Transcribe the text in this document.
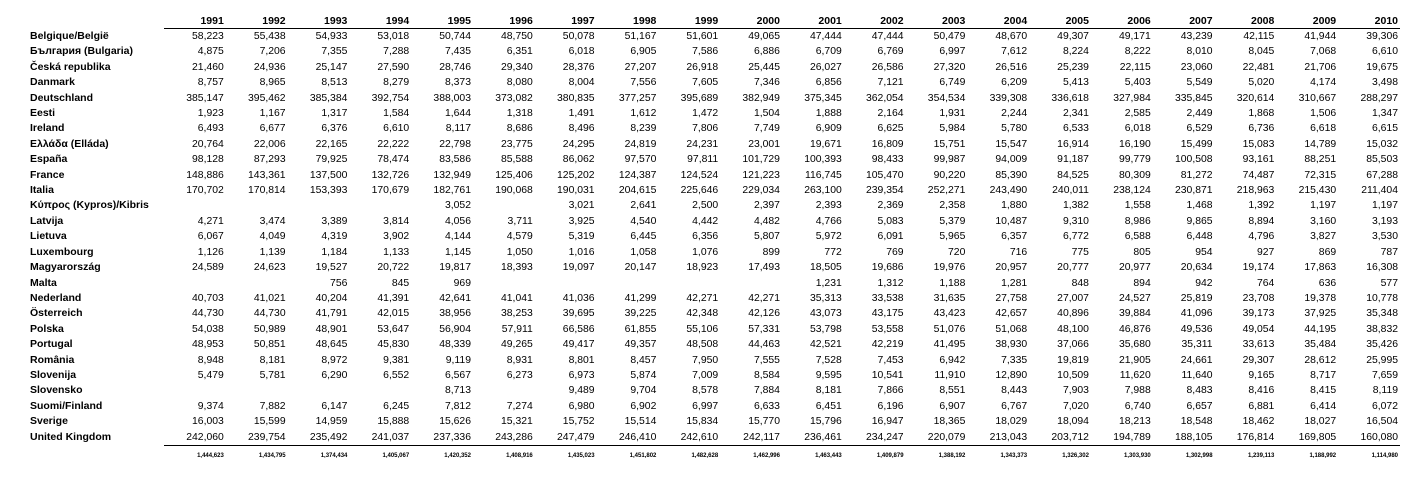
	1991	1992	1993	1994	1995	1996	1997	1998	1999	2000	2001	2002	2003	2004	2005	2006	2007	2008	2009	2010
Belgique/België	58,223	55,438	54,933	53,018	50,744	48,750	50,078	51,167	51,601	49,065	47,444	47,444	50,479	48,670	49,307	49,171	43,239	42,115	41,944	39,306
България (Bulgaria)	4,875	7,206	7,355	7,288	7,435	6,351	6,018	6,905	7,586	6,886	6,709	6,769	6,997	7,612	8,224	8,222	8,010	8,045	7,068	6,610
Česká republika	21,460	24,936	25,147	27,590	28,746	29,340	28,376	27,207	26,918	25,445	26,027	26,586	27,320	26,516	25,239	22,115	23,060	22,481	21,706	19,675
Danmark	8,757	8,965	8,513	8,279	8,373	8,080	8,004	7,556	7,605	7,346	6,856	7,121	6,749	6,209	5,413	5,403	5,549	5,020	4,174	3,498
Deutschland	385,147	395,462	385,384	392,754	388,003	373,082	380,835	377,257	395,689	382,949	375,345	362,054	354,534	339,308	336,618	327,984	335,845	320,614	310,667	288,297
Eesti	1,923	1,167	1,317	1,584	1,644	1,318	1,491	1,612	1,472	1,504	1,888	2,164	1,931	2,244	2,341	2,585	2,449	1,868	1,506	1,347
Ireland	6,493	6,677	6,376	6,610	8,117	8,686	8,496	8,239	7,806	7,749	6,909	6,625	5,984	5,780	6,533	6,018	6,529	6,736	6,618	6,615
Ελλάδα (Elláda)	20,764	22,006	22,165	22,222	22,798	23,775	24,295	24,819	24,231	23,001	19,671	16,809	15,751	15,547	16,914	16,190	15,499	15,083	14,789	15,032
España	98,128	87,293	79,925	78,474	83,586	85,588	86,062	97,570	97,811	101,729	100,393	98,433	99,987	94,009	91,187	99,779	100,508	93,161	88,251	85,503
France	148,886	143,361	137,500	132,726	132,949	125,406	125,202	124,387	124,524	121,223	116,745	105,470	90,220	85,390	84,525	80,309	81,272	74,487	72,315	67,288
Italia	170,702	170,814	153,393	170,679	182,761	190,068	190,031	204,615	225,646	229,034	263,100	239,354	252,271	243,490	240,011	238,124	230,871	218,963	215,430	211,404
Κύπρος (Kypros)/Kibris					3,052		3,021	2,641	2,500	2,397	2,393	2,369	2,358	1,880	1,382	1,558	1,468	1,392	1,197	1,197
Latvija	4,271	3,474	3,389	3,814	4,056	3,711	3,925	4,540	4,442	4,482	4,766	5,083	5,379	10,487	9,310	8,986	9,865	8,894	3,160	3,193
Lietuva	6,067	4,049	4,319	3,902	4,144	4,579	5,319	6,445	6,356	5,807	5,972	6,091	5,965	6,357	6,772	6,588	6,448	4,796	3,827	3,530
Luxembourg	1,126	1,139	1,184	1,133	1,145	1,050	1,016	1,058	1,076	899	772	769	720	716	775	805	954	927	869	787
Magyarország	24,589	24,623	19,527	20,722	19,817	18,393	19,097	20,147	18,923	17,493	18,505	19,686	19,976	20,957	20,777	20,977	20,634	19,174	17,863	16,308
Malta			756	845	969						1,231	1,312	1,188	1,281	848	894	942	764	636	577
Nederland	40,703	41,021	40,204	41,391	42,641	41,041	41,036	41,299	42,271	42,271	35,313	33,538	31,635	27,758	27,007	24,527	25,819	23,708	19,378	10,778
Österreich	44,730	44,730	41,791	42,015	38,956	38,253	39,695	39,225	42,348	42,126	43,073	43,175	43,423	42,657	40,896	39,884	41,096	39,173	37,925	35,348
Polska	54,038	50,989	48,901	53,647	56,904	57,911	66,586	61,855	55,106	57,331	53,798	53,558	51,076	51,068	48,100	46,876	49,536	49,054	44,195	38,832
Portugal	48,953	50,851	48,645	45,830	48,339	49,265	49,417	49,357	48,508	44,463	42,521	42,219	41,495	38,930	37,066	35,680	35,311	33,613	35,484	35,426
România	8,948	8,181	8,972	9,381	9,119	8,931	8,801	8,457	7,950	7,555	7,528	7,453	6,942	7,335	19,819	21,905	24,661	29,307	28,612	25,995
Slovenija	5,479	5,781	6,290	6,552	6,567	6,273	6,973	5,874	7,009	8,584	9,595	10,541	11,910	12,890	10,509	11,620	11,640	9,165	8,717	7,659
Slovensko					8,713		9,489	9,704	8,578	7,884	8,181	7,866	8,551	8,443	7,903	7,988	8,483	8,416	8,415	8,119
Suomi/Finland	9,374	7,882	6,147	6,245	7,812	7,274	6,980	6,902	6,997	6,633	6,451	6,196	6,907	6,767	7,020	6,740	6,657	6,881	6,414	6,072
Sverige	16,003	15,599	14,959	15,888	15,626	15,321	15,752	15,514	15,834	15,770	15,796	16,947	18,365	18,029	18,094	18,213	18,548	18,462	18,027	16,504
United Kingdom	242,060	239,754	235,492	241,037	237,336	243,286	247,479	246,410	242,610	242,117	236,461	234,247	220,079	213,043	203,712	194,789	188,105	176,814	169,805	160,080
	1,444,623	1,434,795	1,374,434	1,405,067	1,420,352	1,408,916	1,435,023	1,451,802	1,482,628	1,462,996	1,463,443	1,409,879	1,388,192	1,343,373	1,326,302	1,303,930	1,302,998	1,239,113	1,188,992	1,114,980
